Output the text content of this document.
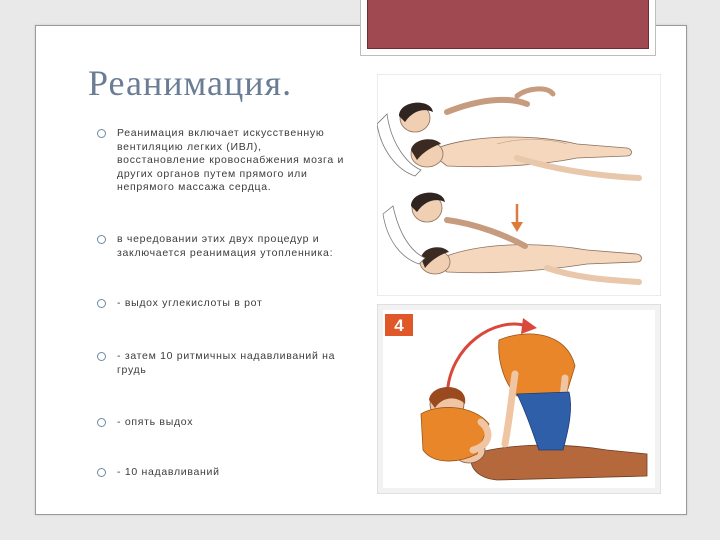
Реанимация.
Реанимация включает искусственную вентиляцию легких (ИВЛ), восстановление кровоснабжения мозга и других органов путем прямого или непрямого массажа сердца.
в чередовании этих двух процедур и заключается реанимация утопленника:
- выдох углекислоты в рот
- затем 10 ритмичных надавливаний на грудь
- опять выдох
- 10 надавливаний
4
